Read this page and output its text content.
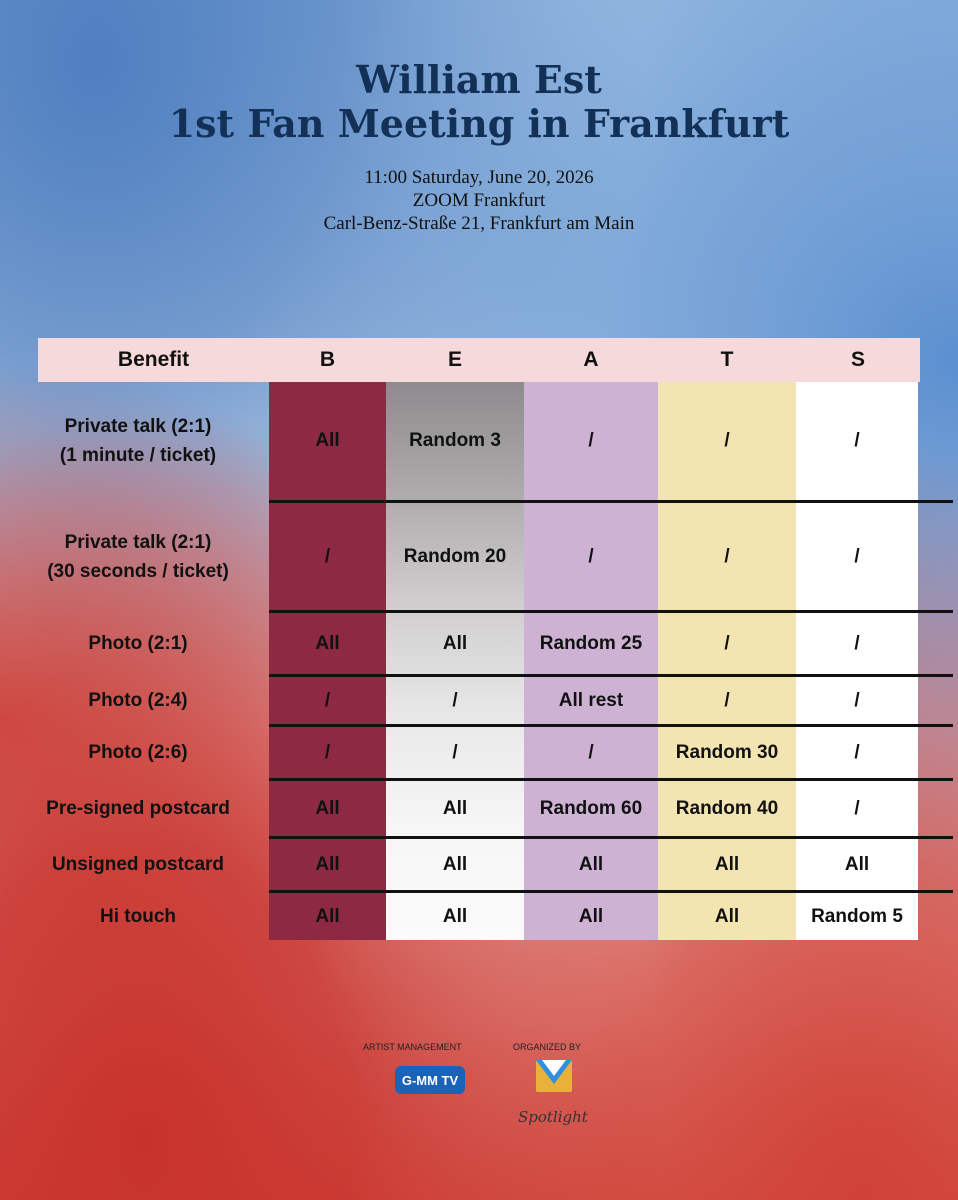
William Est
1st Fan Meeting in Frankfurt
11:00 Saturday, June 20, 2026
ZOOM Frankfurt
Carl-Benz-Straße 21, Frankfurt am Main
Benefit	B	E	A	T	S
Private talk (2:1)
(1 minute / ticket)
All	Random 3	/	/	/
Private talk (2:1)
(30 seconds / ticket)
/	Random 20	/	/	/
Photo (2:1)	All	All	Random 25	/	/
Photo (2:4)	/	/	All rest	/	/
Photo (2:6)	/	/	/	Random 30	/
Pre-signed postcard	All	All	Random 60	Random 40	/
Unsigned postcard	All	All	All	All	All
Hi touch	All	All	All	All	Random 5
ARTIST MANAGEMENT	ORGANIZED BY
G-MM TV
Spotlight
